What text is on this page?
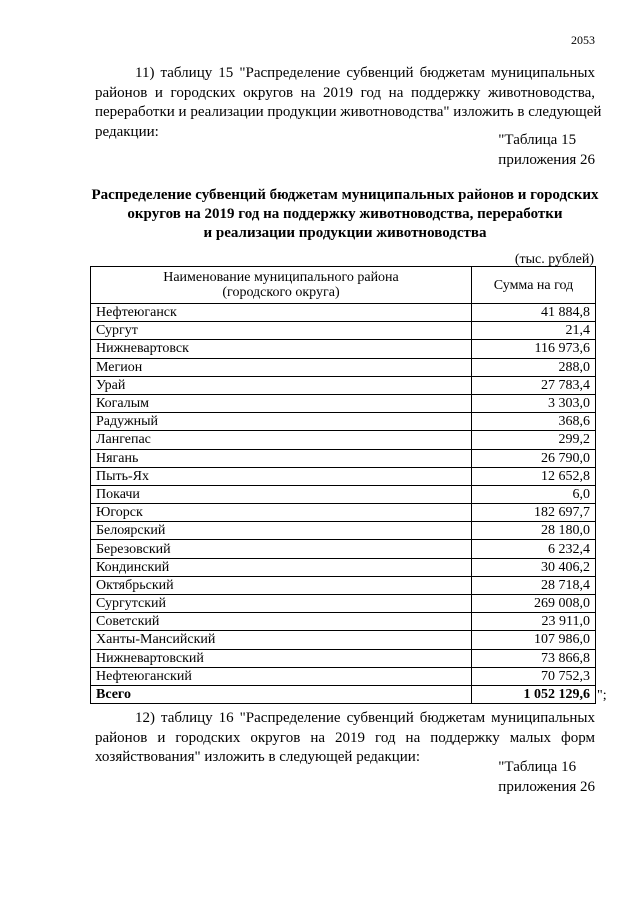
2053
11) таблицу 15 "Распределение субвенций бюджетам муниципальных
районов и городских округов на 2019 год на поддержку животноводства,
переработки и реализации продукции животноводства" изложить в следующей
редакции:
"Таблица 15
приложения 26
Распределение субвенций бюджетам муниципальных районов и городских
округов на 2019 год на поддержку животноводства, переработки
и реализации продукции животноводства
(тыс. рублей)
Наименование муниципального района
(городского округа)	Сумма на год
Нефтеюганск	41 884,8
Сургут	21,4
Нижневартовск	116 973,6
Мегион	288,0
Урай	27 783,4
Когалым	3 303,0
Радужный	368,6
Лангепас	299,2
Нягань	26 790,0
Пыть-Ях	12 652,8
Покачи	6,0
Югорск	182 697,7
Белоярский	28 180,0
Березовский	6 232,4
Кондинский	30 406,2
Октябрьский	28 718,4
Сургутский	269 008,0
Советский	23 911,0
Ханты-Мансийский	107 986,0
Нижневартовский	73 866,8
Нефтеюганский	70 752,3
Всего	1 052 129,6 ";
12) таблицу 16 "Распределение субвенций бюджетам муниципальных
районов и городских округов на 2019 год на поддержку малых форм
хозяйствования" изложить в следующей редакции:
"Таблица 16
приложения 26
